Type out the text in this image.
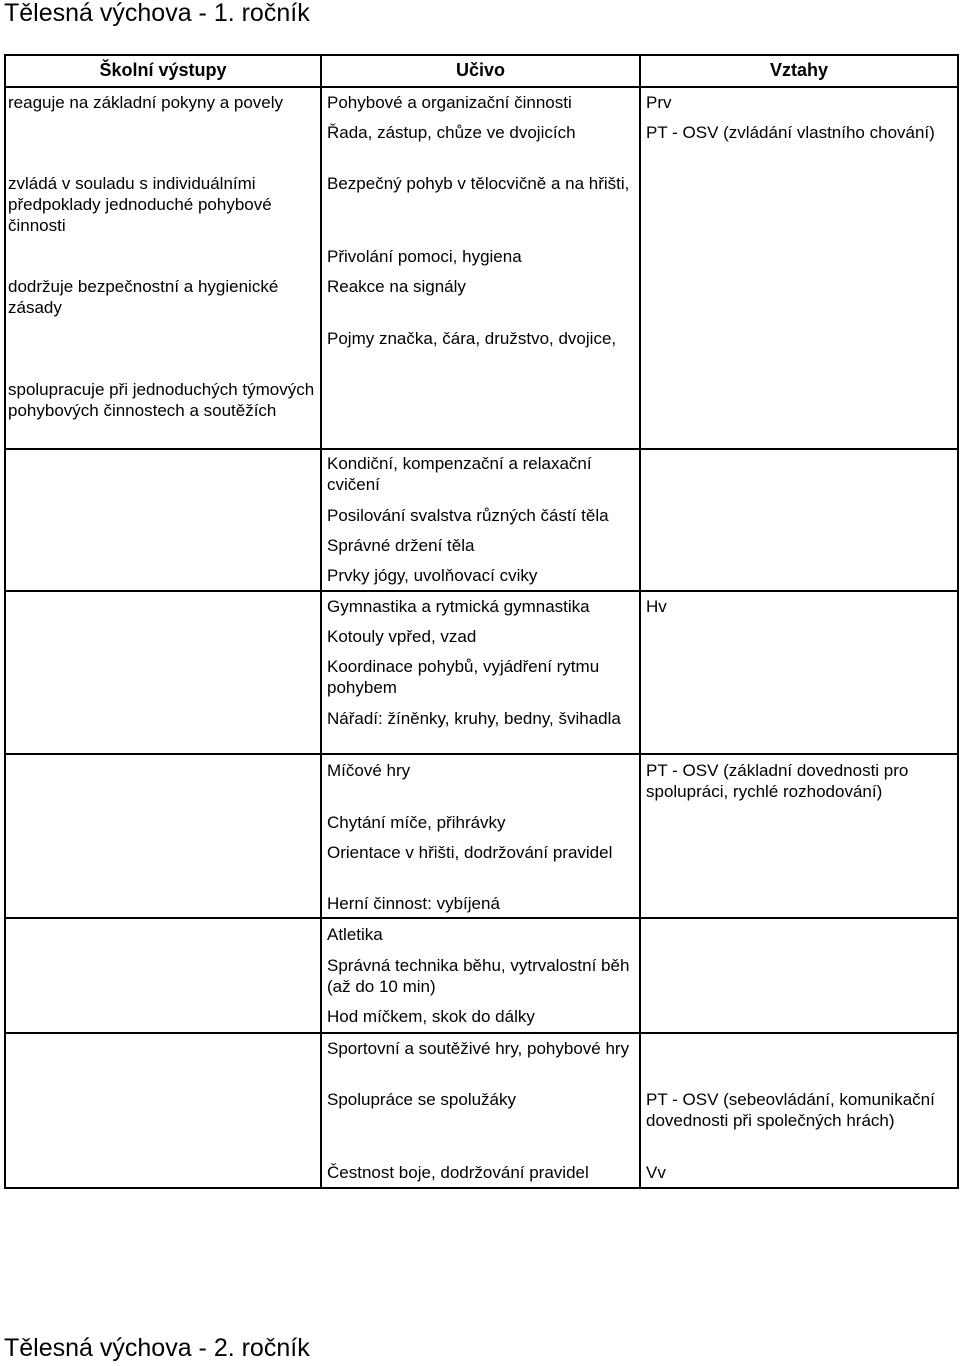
Tělesná výchova - 1. ročník
Školní výstupy	Učivo	Vztahy
reaguje na základní pokyny a povely
zvládá v souladu s individuálními předpoklady jednoduché pohybové činnosti
dodržuje bezpečnostní a hygienické zásady
spolupracuje při jednoduchých týmových pohybových činnostech a soutěžích
Pohybové a organizační činnosti
Řada, zástup, chůze ve dvojicích
Bezpečný pohyb v tělocvičně a na hřišti,
Přivolání pomoci, hygiena
Reakce na signály
Pojmy značka, čára, družstvo, dvojice,
Kondiční, kompenzační a relaxační cvičení
Posilování svalstva různých částí těla
Správné držení těla
Prvky jógy, uvolňovací cviky
Gymnastika a rytmická gymnastika
Kotouly vpřed, vzad
Koordinace pohybů, vyjádření rytmu pohybem
Nářadí: žíněnky, kruhy, bedny, švihadla
Míčové hry
Chytání míče, přihrávky
Orientace v hřišti, dodržování pravidel
Herní činnost: vybíjená
Atletika
Správná technika běhu, vytrvalostní běh (až do 10 min)
Hod míčkem, skok do dálky
Sportovní a soutěživé hry, pohybové hry
Spolupráce se spolužáky
Čestnost boje, dodržování pravidel
Prv
PT - OSV (zvládání vlastního chování)
Hv
PT - OSV (základní dovednosti pro spolupráci, rychlé rozhodování)
PT - OSV (sebeovládání, komunikační dovednosti při společných hrách)
Vv
Tělesná výchova - 2. ročník
